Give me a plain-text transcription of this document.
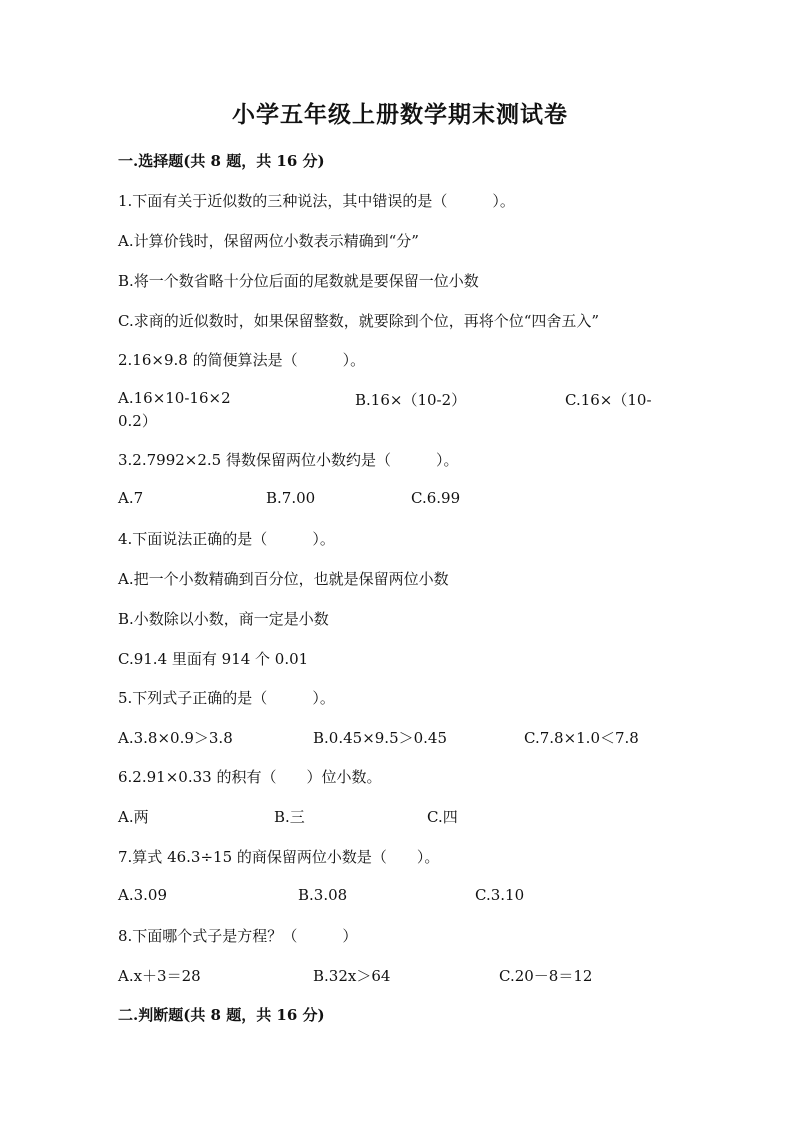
小学五年级上册数学期末测试卷
一.选择题(共 8 题，共 16 分)
1.下面有关于近似数的三种说法，其中错误的是（　　　）。
A.计算价钱时，保留两位小数表示精确到“分”
B.将一个数省略十分位后面的尾数就是要保留一位小数
C.求商的近似数时，如果保留整数，就要除到个位，再将个位“四舍五入”
2.16×9.8 的简便算法是（　　　）。
A.16×10-16×2	B.16×（10-2）	C.16×（10-
0.2）
3.2.7992×2.5 得数保留两位小数约是（　　　）。
A.7	B.7.00	C.6.99
4.下面说法正确的是（　　　）。
A.把一个小数精确到百分位，也就是保留两位小数
B.小数除以小数，商一定是小数
C.91.4 里面有 914 个 0.01
5.下列式子正确的是（　　　）。
A.3.8×0.9＞3.8	B.0.45×9.5＞0.45	C.7.8×1.0＜7.8
6.2.91×0.33 的积有（　　）位小数。
A.两	B.三	C.四
7.算式 46.3÷15 的商保留两位小数是（　　）。
A.3.09	B.3.08	C.3.10
8.下面哪个式子是方程？（　　　）
A.x＋3＝28	B.32x＞64	C.20－8＝12
二.判断题(共 8 题，共 16 分)
